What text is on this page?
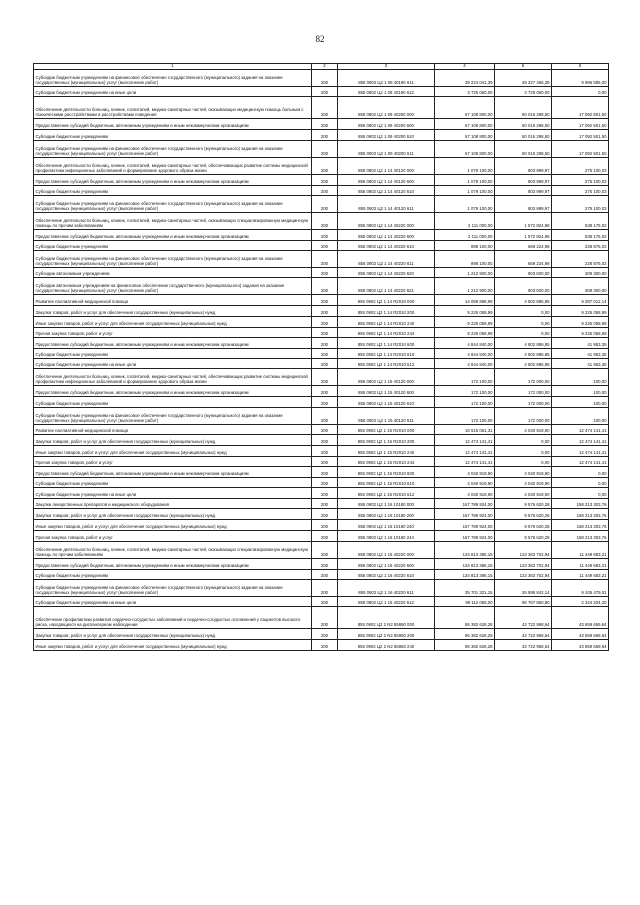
82
1	2	3	4	5	6
Субсидии бюджетным учреждениям на финансовое обеспечение государственного (муниципального) задания на оказание государственных (муниципальных) услуг (выполнение работ)	200	855 0902 Ц2 1 08 40190 611	39 224 041,39	29 227 456,39	9 996 585,00
Субсидии бюджетным учреждениям на иные цели	200	855 0902 Ц2 1 08 40190 612	3 725 060,00	3 725 060,00	0,00
Обеспечение деятельности больниц, клиник, госпиталей, медико-санитарных частей, оказывающих медицинскую помощь больным с психическими расстройствами и расстройствами поведения	200	855 0902 Ц2 1 09 40200 000	67 108 800,00	50 016 298,50	17 092 501,50
Предоставление субсидий бюджетным, автономным учреждениям и иным некоммерческим организациям	200	855 0902 Ц2 1 09 40200 600	67 108 800,00	50 016 298,50	17 092 501,50
Субсидии бюджетным учреждениям	200	855 0902 Ц2 1 09 40200 610	67 108 800,00	50 016 298,50	17 092 501,50
Субсидии бюджетным учреждениям на финансовое обеспечение государственного (муниципального) задания на оказание государственных (муниципальных) услуг (выполнение работ)	200	855 0902 Ц2 1 09 40200 611	67 108 800,00	50 016 298,50	17 092 501,50
Обеспечение деятельности больниц, клиник, госпиталей, медико-санитарных частей, обеспечивающих развитие системы медицинской профилактики инфекционных заболеваний и формирование здорового образа жизни	200	855 0902 Ц2 1 14 40120 000	1 079 100,00	803 999,97	275 100,03
Предоставление субсидий бюджетным, автономным учреждениям и иным некоммерческим организациям	200	855 0902 Ц2 1 14 40120 600	1 079 100,00	803 999,97	275 100,03
Субсидии бюджетным учреждениям	200	855 0902 Ц2 1 14 40120 610	1 079 100,00	803 999,97	275 100,03
Субсидии бюджетным учреждениям на финансовое обеспечение государственного (муниципального) задания на оказание государственных (муниципальных) услуг (выполнение работ)	200	855 0902 Ц2 1 14 40120 611	1 079 100,00	803 999,97	275 100,03
Обеспечение деятельности больниц, клиник, госпиталей, медико-санитарных частей, оказывающих специализированную медицинскую помощь по прочим заболеваниям	200	855 0902 Ц2 1 14 40220 000	2 111 000,00	1 572 824,98	538 175,02
Предоставление субсидий бюджетным, автономным учреждениям и иным некоммерческим организациям	200	855 0902 Ц2 1 14 40220 600	2 111 000,00	1 572 824,98	538 175,02
Субсидии бюджетным учреждениям	200	855 0902 Ц2 1 14 40220 610	898 100,00	669 224,98	228 875,02
Субсидии бюджетным учреждениям на финансовое обеспечение государственного (муниципального) задания на оказание государственных (муниципальных) услуг (выполнение работ)	200	855 0902 Ц2 1 14 40220 611	898 100,00	669 224,98	228 875,02
Субсидии автономным учреждениям	200	855 0902 Ц2 1 14 40220 620	1 212 900,00	903 600,00	309 300,00
Субсидии автономным учреждениям на финансовое обеспечение государственного (муниципального) задания на оказание государственных (муниципальных) услуг (выполнение работ)	200	855 0902 Ц2 1 14 40220 621	1 212 900,00	903 600,00	309 300,00
Развитие паллиативной медицинской помощи	200	855 0902 Ц2 1 14 R2010 000	14 089 898,99	4 802 886,85	9 287 012,14
Закупка товаров, работ и услуг для обеспечения государственных (муниципальных) нужд	200	855 0902 Ц2 1 14 R2010 200	9 225 058,99	0,00	9 225 058,99
Иные закупки товаров, работ и услуг для обеспечения государственных (муниципальных) нужд	200	855 0902 Ц2 1 14 R2010 240	9 225 058,99	0,00	9 225 058,99
Прочая закупка товаров, работ и услуг	200	855 0902 Ц2 1 14 R2010 244	9 225 058,99	0,00	9 225 058,99
Предоставление субсидий бюджетным, автономным учреждениям и иным некоммерческим организациям	200	855 0902 Ц2 1 14 R2010 600	4 844 840,00	4 802 886,85	41 953,35
Субсидии бюджетным учреждениям	200	855 0902 Ц2 1 14 R2010 610	4 844 840,00	4 802 886,85	41 953,35
Субсидии бюджетным учреждениям на иные цели	200	855 0902 Ц2 1 14 R2010 612	4 844 840,00	4 802 886,85	41 953,35
Обеспечение деятельности больниц, клиник, госпиталей, медико-санитарных частей, обеспечивающих развитие системы медицинской профилактики инфекционных заболеваний и формирование здорового образа жизни	200	855 0902 Ц2 1 15 40120 000	172 100,00	172 000,00	100,00
Предоставление субсидий бюджетным, автономным учреждениям и иным некоммерческим организациям	200	855 0902 Ц2 1 15 40120 600	172 100,00	172 000,00	100,00
Субсидии бюджетным учреждениям	200	855 0902 Ц2 1 15 40120 610	172 100,00	172 000,00	100,00
Субсидии бюджетным учреждениям на финансовое обеспечение государственного (муниципального) задания на оказание государственных (муниципальных) услуг (выполнение работ)	200	855 0902 Ц2 1 15 40120 611	172 100,00	172 000,00	100,00
Развитие паллиативной медицинской помощи	200	855 0902 Ц2 1 15 R2010 000	16 515 061,31	4 040 919,60	12 474 141,41
Закупка товаров, работ и услуг для обеспечения государственных (муниципальных) нужд	200	855 0902 Ц2 1 15 R2010 200	12 474 141,41	0,00	12 474 141,41
Иные закупки товаров, работ и услуг для обеспечения государственных (муниципальных) нужд	200	855 0902 Ц2 1 15 R2010 240	12 474 141,41	0,00	12 474 141,41
Прочая закупка товаров, работ и услуг	200	855 0902 Ц2 1 15 R2010 244	12 474 141,41	0,00	12 474 141,41
Предоставление субсидий бюджетным, автономным учреждениям и иным некоммерческим организациям	200	855 0902 Ц2 1 15 R2010 600	4 040 919,90	4 040 919,90	0,00
Субсидии бюджетным учреждениям	200	855 0902 Ц2 1 15 R2010 610	4 040 919,90	4 040 919,90	0,00
Субсидии бюджетным учреждениям на иные цели	200	855 0902 Ц2 1 15 R2010 612	4 040 919,90	4 040 919,90	0,00
Закупки лекарственных препаратов и медицинского оборудования	200	855 0902 Ц2 1 16 10180 000	167 789 924,00	9 576 620,28	158 213 303,76
Закупка товаров, работ и услуг для обеспечения государственных (муниципальных) нужд	200	855 0902 Ц2 1 16 10180 200	167 789 924,00	9 576 620,28	158 213 303,76
Иные закупки товаров, работ и услуг для обеспечения государственных (муниципальных) нужд	200	855 0902 Ц2 1 16 10180 240	167 789 924,00	9 576 620,28	158 213 303,76
Прочая закупка товаров, работ и услуг	200	855 0902 Ц2 1 16 10180 244	167 789 924,00	9 576 620,28	158 213 303,76
Обеспечение деятельности больниц, клиник, госпиталей, медико-санитарных частей, оказывающих специализированную медицинскую помощь по прочим заболеваниям	200	855 0902 Ц2 1 16 40220 000	134 813 386,15	123 363 702,94	11 449 683,21
Предоставление субсидий бюджетным, автономным учреждениям и иным некоммерческим организациям	200	855 0902 Ц2 1 16 40220 600	134 813 386,15	123 363 702,94	11 449 683,21
Субсидии бюджетным учреждениям	200	855 0902 Ц2 1 16 40220 610	134 813 386,15	123 363 702,94	11 449 683,21
Субсидии бюджетным учреждениям на финансовое обеспечение государственного (муниципального) задания на оказание государственных (муниципальных) услуг (выполнение работ)	200	855 0902 Ц2 1 16 40220 611	35 701 321,15	26 595 842,14	9 105 479,01
Субсидии бюджетным учреждениям на иные цели	200	855 0902 Ц2 1 16 40220 612	99 112 065,00	96 767 860,80	2 344 204,20
Обеспечение профилактики развития сердечно-сосудистых заболеваний и сердечно-сосудистых осложнений у пациентов высокого риска, находящихся на диспансерном наблюдении	200	855 0902 Ц2 2 N2 55860 000	86 382 628,28	42 722 968,64	43 659 659,64
Закупка товаров, работ и услуг для обеспечения государственных (муниципальных) нужд	200	855 0902 Ц2 2 N2 55860 200	86 382 628,28	42 722 968,64	43 659 659,64
Иные закупки товаров, работ и услуг для обеспечения государственных (муниципальных) нужд	200	855 0902 Ц2 2 N2 55860 240	86 382 628,28	42 722 968,64	43 659 659,64
